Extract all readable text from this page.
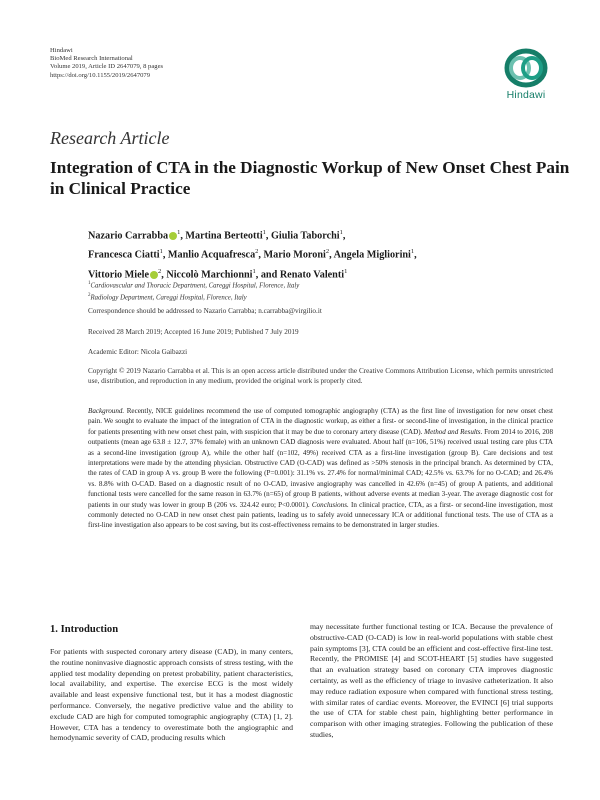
Hindawi
BioMed Research International
Volume 2019, Article ID 2647079, 8 pages
https://doi.org/10.1155/2019/2647079
Hindawi
Research Article
Integration of CTA in the Diagnostic Workup of New Onset Chest Pain in Clinical Practice
Nazario Carrabba $^1$, Martina Berteotti$^1$, Giulia Taborchi$^1$,
Francesca Ciatti$^1$, Manlio Acquafresca$^2$, Mario Moroni$^2$, Angela Migliorini$^1$,
Vittorio Miele $^2$, Niccolò Marchionni$^1$, and Renato Valenti$^1$
$^1$Cardiovascular and Thoracic Department, Careggi Hospital, Florence, Italy
$^2$Radiology Department, Careggi Hospital, Florence, Italy
Correspondence should be addressed to Nazario Carrabba; n.carrabba@virgilio.it
Received 28 March 2019; Accepted 16 June 2019; Published 7 July 2019
Academic Editor: Nicola Gaibazzi
Copyright © 2019 Nazario Carrabba et al. This is an open access article distributed under the Creative Commons Attribution License, which permits unrestricted use, distribution, and reproduction in any medium, provided the original work is properly cited.
Background. Recently, NICE guidelines recommend the use of computed tomographic angiography (CTA) as the first line of investigation for new onset chest pain. We sought to evaluate the impact of the integration of CTA in the diagnostic workup, as either a first- or second-line of investigation, in the clinical practice for patients presenting with new onset chest pain, with suspicion that it may be due to coronary artery disease (CAD). Method and Results. From 2014 to 2016, 208 outpatients (mean age 63.8 ± 12.7, 37% female) with an unknown CAD diagnosis were evaluated. About half (n=106, 51%) received usual testing care plus CTA as a second-line investigation (group A), while the other half (n=102, 49%) received CTA as a first-line investigation (group B). Care decisions and test interpretations were made by the attending physician. Obstructive CAD (O-CAD) was defined as >50% stenosis in the principal branch. As determined by CTA, the rates of CAD in group A vs. group B were the following (P=0.001): 31.1% vs. 27.4% for normal/minimal CAD; 42.5% vs. 63.7% for no O-CAD; and 26.4% vs. 8.8% with O-CAD. Based on a diagnostic result of no O-CAD, invasive angiography was cancelled in 42.6% (n=45) of group A patients, and additional functional tests were cancelled for the same reason in 63.7% (n=65) of group B patients, without adverse events at median 3-year. The average diagnostic cost for patients in our study was lower in group B (206 vs. 324.42 euro; P<0.0001). Conclusions. In clinical practice, CTA, as a first- or second-line investigation, most commonly detected no O-CAD in new onset chest pain patients, leading us to safely avoid unnecessary ICA or additional functional tests. The use of CTA as a first-line investigation also appears to be cost saving, but its cost-effectiveness remains to be demonstrated in larger studies.
1. Introduction
For patients with suspected coronary artery disease (CAD), in many centers, the routine noninvasive diagnostic approach consists of stress testing, with the applied test modality depending on pretest probability, patient characteristics, local availability, and expertise. The exercise ECG is the most widely available and least expensive functional test, but it has a modest diagnostic performance. Conversely, the negative predictive value and the ability to exclude CAD are high for computed tomographic angiography (CTA) [1, 2]. However, CTA has a tendency to overestimate both the angiographic and hemodynamic severity of CAD, producing results which
may necessitate further functional testing or ICA. Because the prevalence of obstructive-CAD (O-CAD) is low in real-world populations with stable chest pain symptoms [3], CTA could be an efficient and cost-effective first-line test. Recently, the PROMISE [4] and SCOT-HEART [5] studies have suggested that an evaluation strategy based on coronary CTA improves diagnostic certainty, as well as the efficiency of triage to invasive catheterization. It also may reduce radiation exposure when compared with functional stress testing, with similar rates of cardiac events. Moreover, the EVINCI [6] trial supports the use of CTA for stable chest pain, highlighting better performance in comparison with other imaging strategies. Following the publication of these studies,
